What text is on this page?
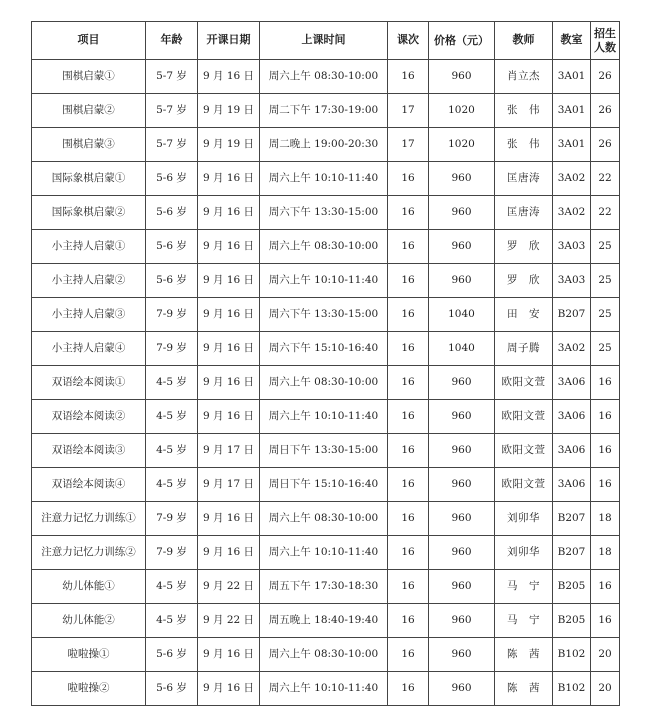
项目	年龄	开课日期	上课时间	课次	价格（元）	教师	教室	招生人数

围棋启蒙①	5-7 岁	9 月 16 日	周六上午 08:30-10:00	16	960	肖立杰	3A01	26
围棋启蒙②	5-7 岁	9 月 19 日	周二下午 17:30-19:00	17	1020	张　伟	3A01	26
围棋启蒙③	5-7 岁	9 月 19 日	周二晚上 19:00-20:30	17	1020	张　伟	3A01	26
国际象棋启蒙①	5-6 岁	9 月 16 日	周六上午 10:10-11:40	16	960	匡唐涛	3A02	22
国际象棋启蒙②	5-6 岁	9 月 16 日	周六下午 13:30-15:00	16	960	匡唐涛	3A02	22
小主持人启蒙①	5-6 岁	9 月 16 日	周六上午 08:30-10:00	16	960	罗　欣	3A03	25
小主持人启蒙②	5-6 岁	9 月 16 日	周六上午 10:10-11:40	16	960	罗　欣	3A03	25
小主持人启蒙③	7-9 岁	9 月 16 日	周六下午 13:30-15:00	16	1040	田　安	B207	25
小主持人启蒙④	7-9 岁	9 月 16 日	周六下午 15:10-16:40	16	1040	周子腾	3A02	25
双语绘本阅读①	4-5 岁	9 月 16 日	周六上午 08:30-10:00	16	960	欧阳文萱	3A06	16
双语绘本阅读②	4-5 岁	9 月 16 日	周六上午 10:10-11:40	16	960	欧阳文萱	3A06	16
双语绘本阅读③	4-5 岁	9 月 17 日	周日下午 13:30-15:00	16	960	欧阳文萱	3A06	16
双语绘本阅读④	4-5 岁	9 月 17 日	周日下午 15:10-16:40	16	960	欧阳文萱	3A06	16
注意力记忆力训练①	7-9 岁	9 月 16 日	周六上午 08:30-10:00	16	960	刘卯华	B207	18
注意力记忆力训练②	7-9 岁	9 月 16 日	周六上午 10:10-11:40	16	960	刘卯华	B207	18
幼儿体能①	4-5 岁	9 月 22 日	周五下午 17:30-18:30	16	960	马　宁	B205	16
幼儿体能②	4-5 岁	9 月 22 日	周五晚上 18:40-19:40	16	960	马　宁	B205	16
啦啦操①	5-6 岁	9 月 16 日	周六上午 08:30-10:00	16	960	陈　茜	B102	20
啦啦操②	5-6 岁	9 月 16 日	周六上午 10:10-11:40	16	960	陈　茜	B102	20
